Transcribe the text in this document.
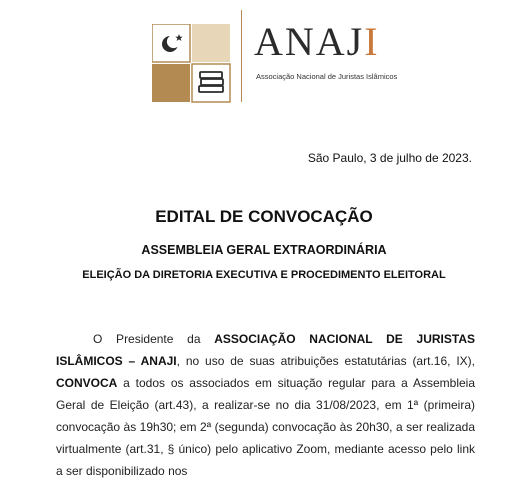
ANAJI
Associação Nacional de Juristas Islâmicos
São Paulo, 3 de julho de 2023.
EDITAL DE CONVOCAÇÃO
ASSEMBLEIA GERAL EXTRAORDINÁRIA
ELEIÇÃO DA DIRETORIA EXECUTIVA E PROCEDIMENTO ELEITORAL

O Presidente da ASSOCIAÇÃO NACIONAL DE JURISTAS ISLÂMICOS – ANAJI, no uso de suas atribuições estatutárias (art.16, IX), CONVOCA a todos os associados em situação regular para a Assembleia Geral de Eleição (art.43), a realizar-se no dia 31/08/2023, em 1ª (primeira) convocação às 19h30; em 2ª (segunda) convocação às 20h30, a ser realizada virtualmente (art.31, § único) pelo aplicativo Zoom, mediante acesso pelo link a ser disponibilizado nos
